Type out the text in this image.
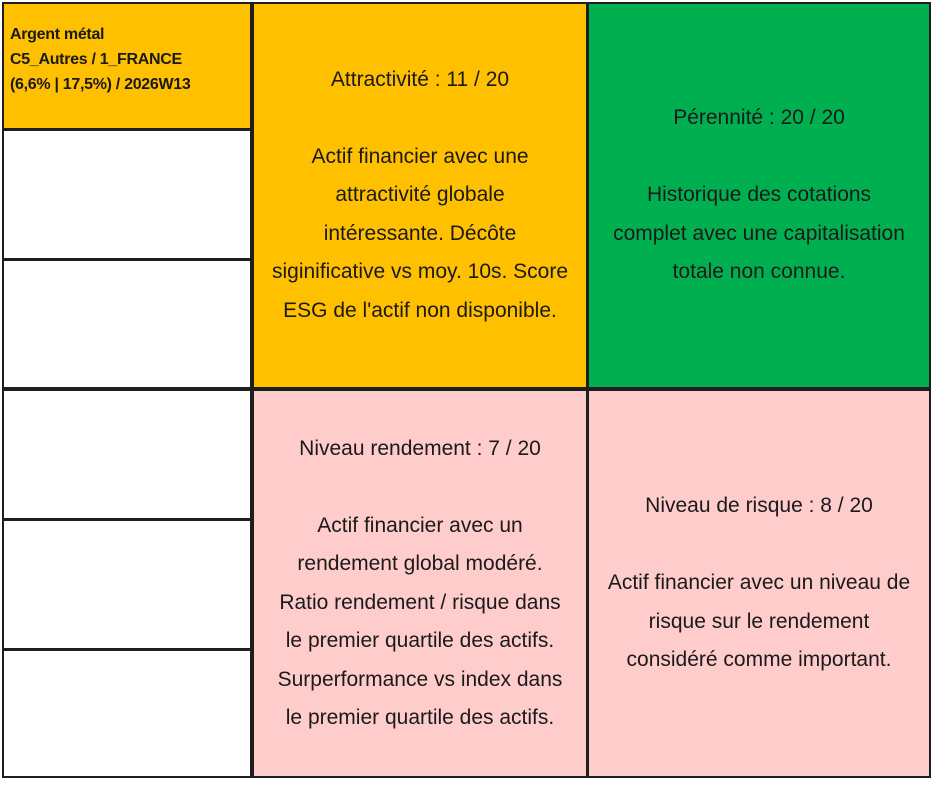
Argent métal
C5_Autres / 1_FRANCE
(6,6% | 17,5%) / 2026W13	Attractivité : 11 / 20
Actif financier avec une
attractivité globale
intéressante. Décôte
siginificative vs moy. 10s. Score
ESG de l'actif non disponible.
Pérennité : 20 / 20
Historique des cotations
complet avec une capitalisation
totale non connue.
Niveau rendement : 7 / 20
Actif financier avec un
rendement global modéré.
Ratio rendement / risque dans
le premier quartile des actifs.
Surperformance vs index dans
le premier quartile des actifs.
Niveau de risque : 8 / 20
Actif financier avec un niveau de
risque sur le rendement
considéré comme important.
